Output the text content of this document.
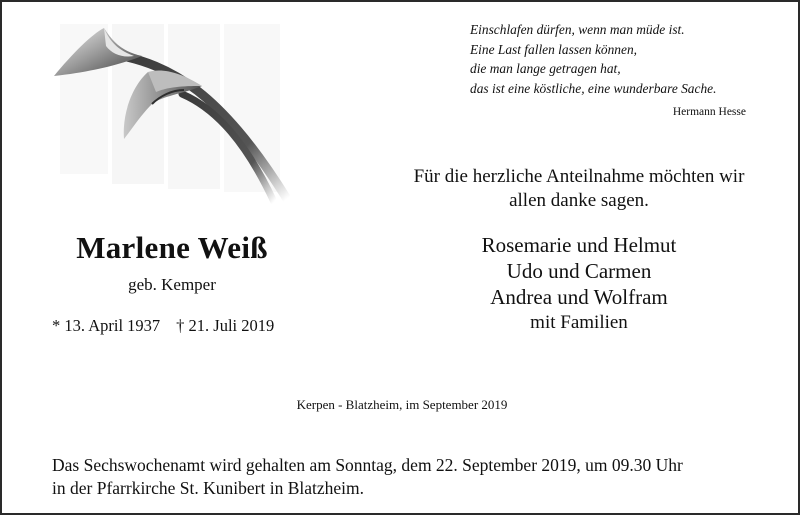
Einschlafen dürfen, wenn man müde ist.
Eine Last fallen lassen können,
die man lange getragen hat,
das ist eine köstliche, eine wunderbare Sache.
Hermann Hesse
Marlene Weiß
geb. Kemper
* 13. April 1937 † 21. Juli 2019
Für die herzliche Anteilnahme möchten wir
allen danke sagen.
Rosemarie und Helmut
Udo und Carmen
Andrea und Wolfram
mit Familien
Kerpen - Blatzheim, im September 2019
Das Sechswochenamt wird gehalten am Sonntag, dem 22. September 2019, um 09.30 Uhr
in der Pfarrkirche St. Kunibert in Blatzheim.
